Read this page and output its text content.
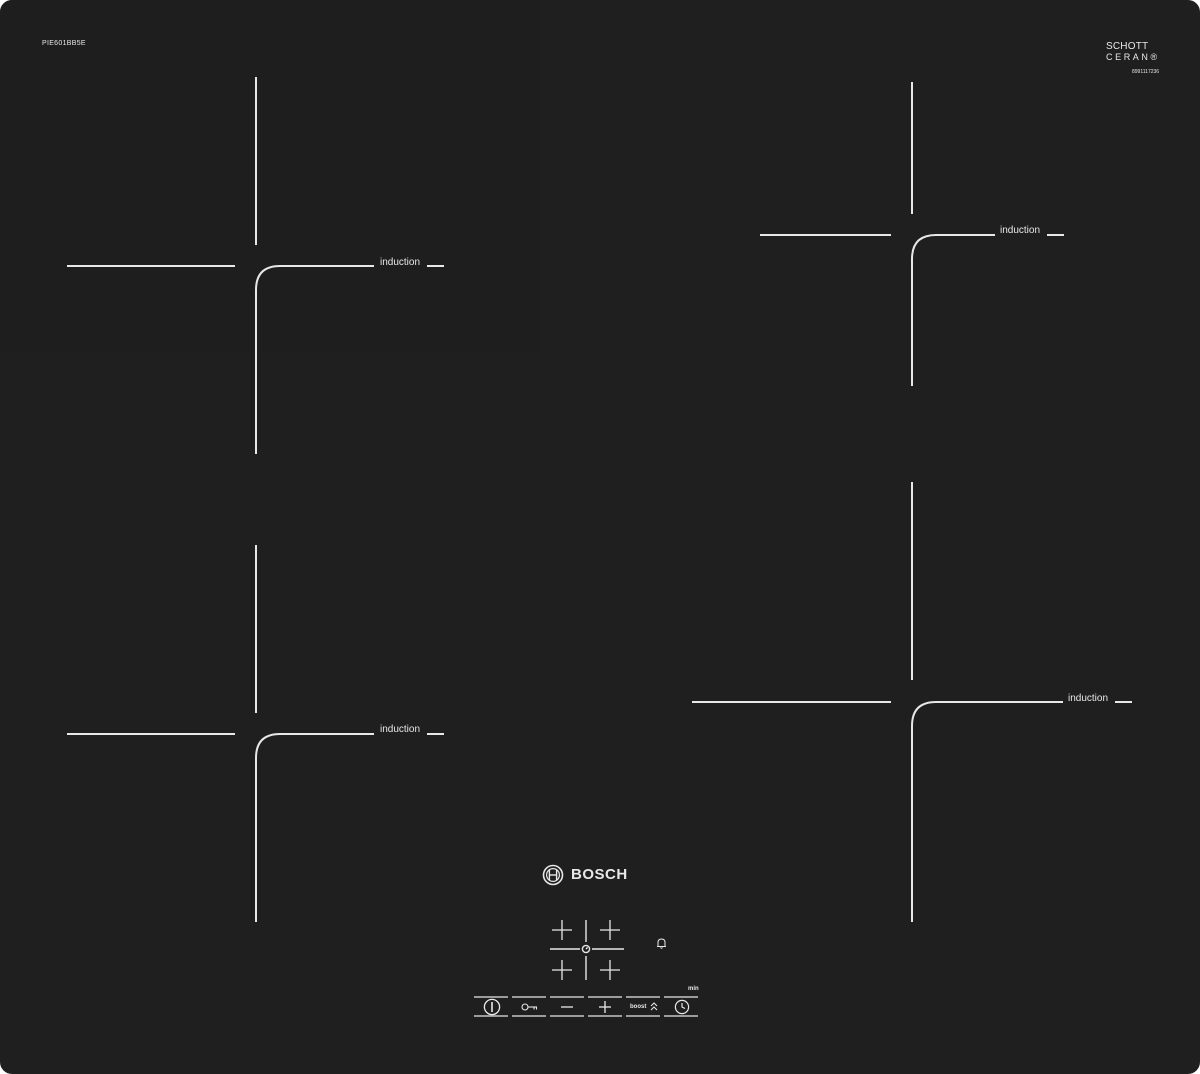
PIE601BB5E	SCHOTT
CERAN®
8991117236
induction
induction
induction
induction
BOSCH
boost
min
